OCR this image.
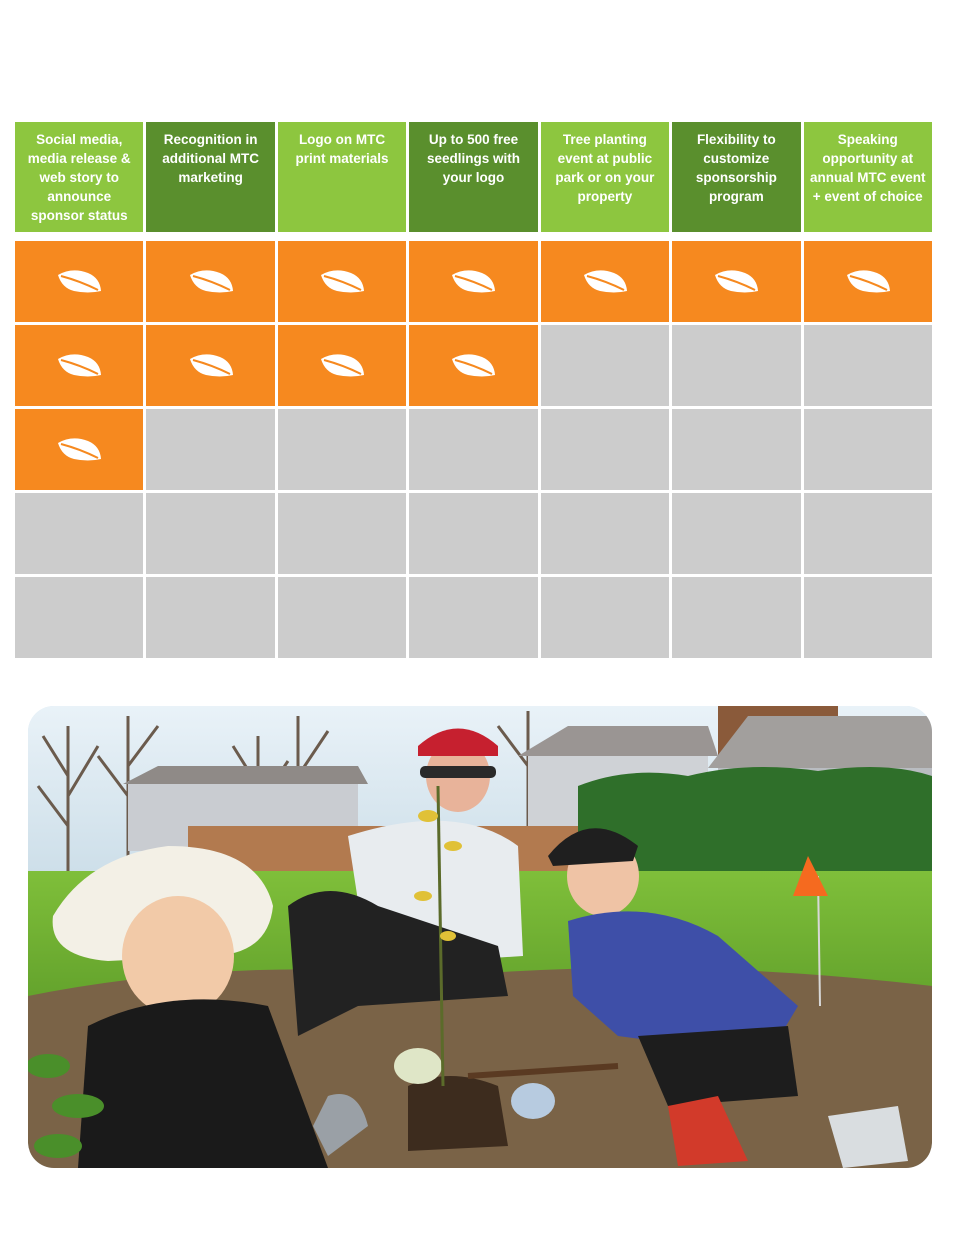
Social media, media release & web story to announce sponsor status
Recognition in additional MTC marketing
Logo on MTC print materials
Up to 500 free seedlings with your logo
Tree planting event at public park or on your property
Flexibility to customize sponsorship program
Speaking opportunity at annual MTC event + event of choice
